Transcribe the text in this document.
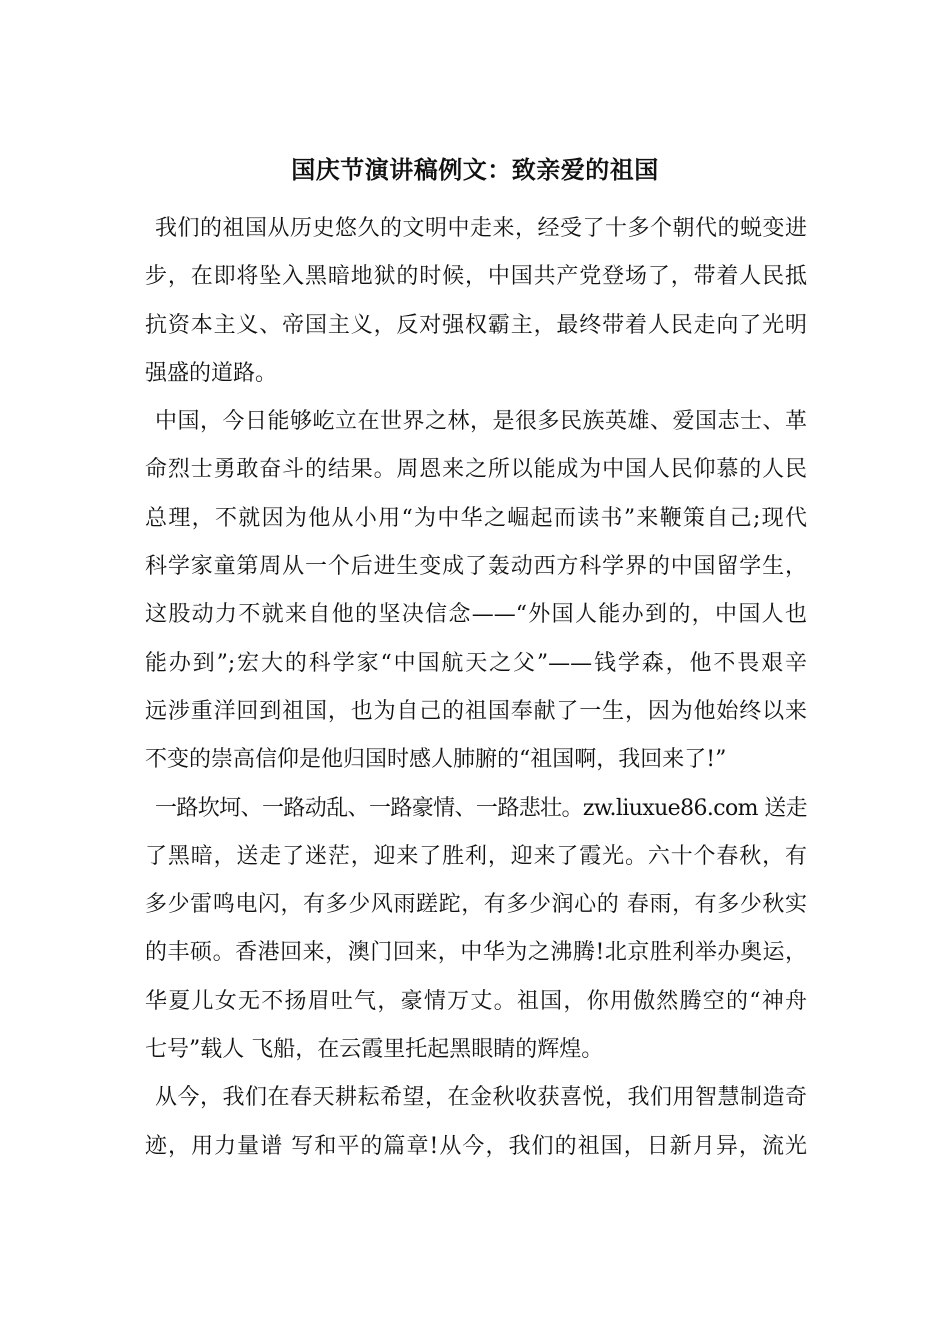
国庆节演讲稿例文：致亲爱的祖国
我们的祖国从历史悠久的文明中走来，经受了十多个朝代的蜕变进
步，在即将坠入黑暗地狱的时候，中国共产党登场了，带着人民抵
抗资本主义、帝国主义，反对强权霸主，最终带着人民走向了光明
强盛的道路。
中国，今日能够屹立在世界之林，是很多民族英雄、爱国志士、革
命烈士勇敢奋斗的结果。周恩来之所以能成为中国人民仰慕的人民
总理，不就因为他从小用“为中华之崛起而读书”来鞭策自己;现代
科学家童第周从一个后进生变成了轰动西方科学界的中国留学生，
这股动力不就来自他的坚决信念——“外国人能办到的，中国人也
能办到”;宏大的科学家“中国航天之父”——钱学森，他不畏艰辛
远涉重洋回到祖国，也为自己的祖国奉献了一生，因为他始终以来
不变的崇高信仰是他归国时感人肺腑的“祖国啊，我回来了!”
一路坎坷、一路动乱、一路豪情、一路悲壮。zw.liuxue86.com 送走
了黑暗，送走了迷茫，迎来了胜利，迎来了霞光。六十个春秋，有
多少雷鸣电闪，有多少风雨蹉跎，有多少润心的 春雨，有多少秋实
的丰硕。香港回来，澳门回来，中华为之沸腾!北京胜利举办奥运，
华夏儿女无不扬眉吐气，豪情万丈。祖国，你用傲然腾空的“神舟
七号”载人 飞船，在云霞里托起黑眼睛的辉煌。
从今，我们在春天耕耘希望，在金秋收获喜悦，我们用智慧制造奇
迹，用力量谱 写和平的篇章!从今，我们的祖国，日新月异，流光
